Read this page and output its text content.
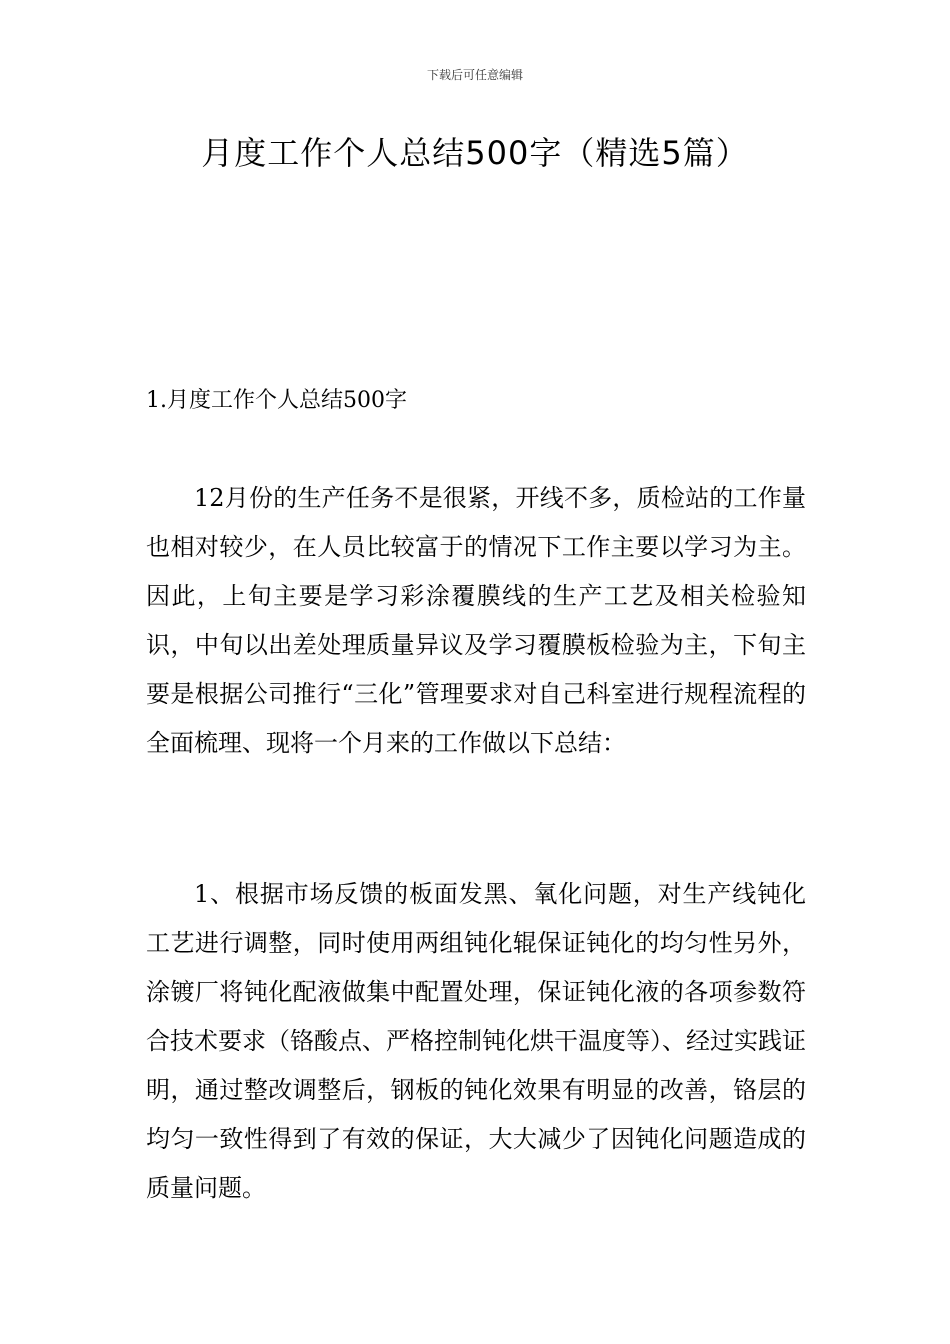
下载后可任意编辑
月度工作个人总结500字（精选5篇）
1.月度工作个人总结500字

12月份的生产任务不是很紧，开线不多，质检站的工作量也相对较少，在人员比较富于的情况下工作主要以学习为主。因此，上旬主要是学习彩涂覆膜线的生产工艺及相关检验知识，中旬以出差处理质量异议及学习覆膜板检验为主，下旬主要是根据公司推行“三化”管理要求对自己科室进行规程流程的全面梳理、现将一个月来的工作做以下总结：

1、根据市场反馈的板面发黑、氧化问题，对生产线钝化工艺进行调整，同时使用两组钝化辊保证钝化的均匀性另外，涂镀厂将钝化配液做集中配置处理，保证钝化液的各项参数符合技术要求（铬酸点、严格控制钝化烘干温度等）、经过实践证明，通过整改调整后，钢板的钝化效果有明显的改善，铬层的均匀一致性得到了有效的保证，大大减少了因钝化问题造成的质量问题。
